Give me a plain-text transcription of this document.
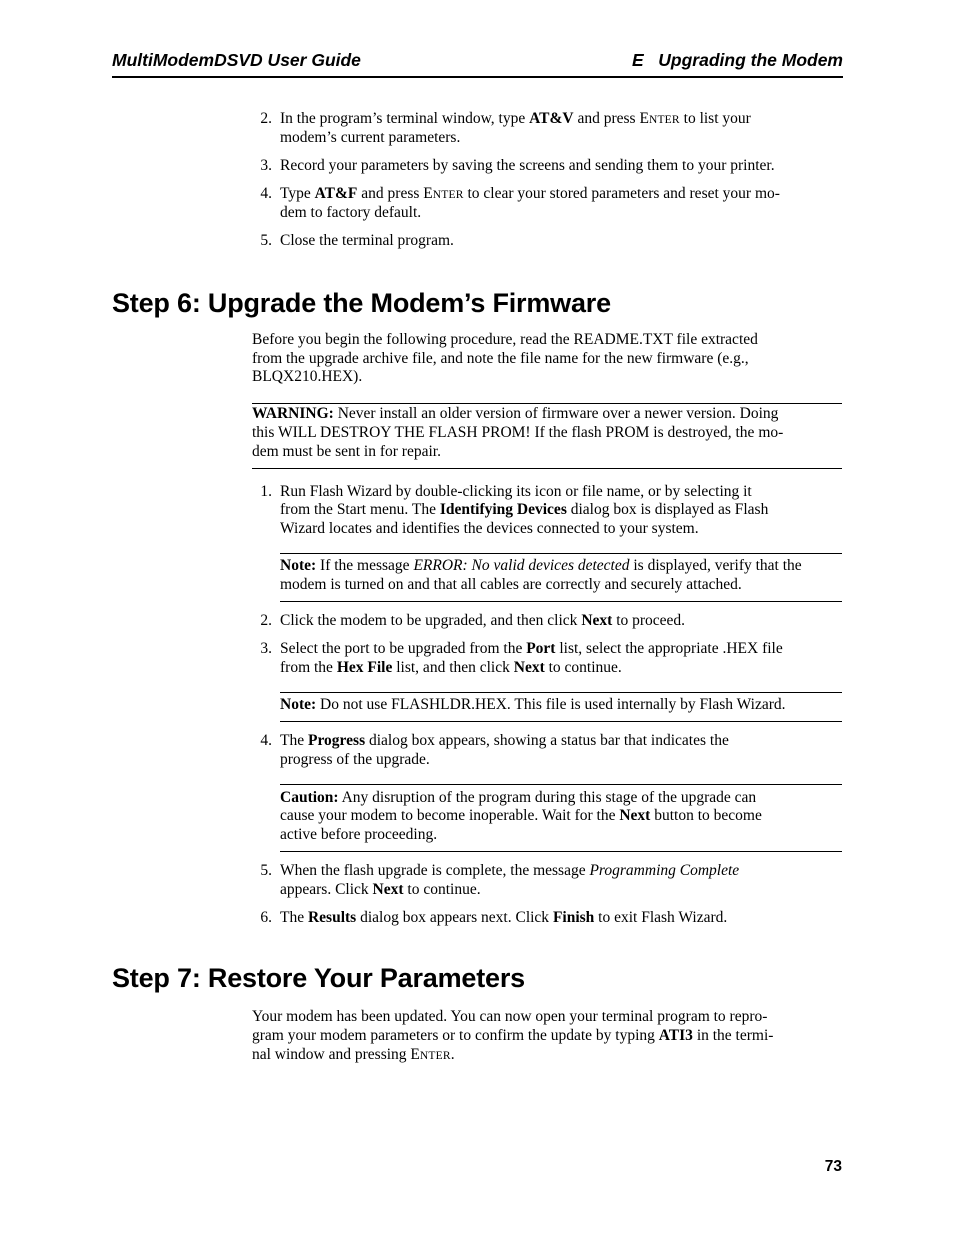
MultiModemDSVD User Guide	E Upgrading the Modem
2. In the program’s terminal window, type AT&V and press ENTER to list your
modem’s current parameters.
3. Record your parameters by saving the screens and sending them to your printer.
4. Type AT&F and press ENTER to clear your stored parameters and reset your mo-
dem to factory default.
5. Close the terminal program.
Step 6: Upgrade the Modem’s Firmware
Before you begin the following procedure, read the README.TXT file extracted
from the upgrade archive file, and note the file name for the new firmware (e.g.,
BLQX210.HEX).
WARNING: Never install an older version of firmware over a newer version. Doing
this WILL DESTROY THE FLASH PROM! If the flash PROM is destroyed, the mo-
dem must be sent in for repair.
1. Run Flash Wizard by double-clicking its icon or file name, or by selecting it
from the Start menu. The Identifying Devices dialog box is displayed as Flash
Wizard locates and identifies the devices connected to your system.
Note: If the message ERROR: No valid devices detected is displayed, verify that the
modem is turned on and that all cables are correctly and securely attached.
2. Click the modem to be upgraded, and then click Next to proceed.
3. Select the port to be upgraded from the Port list, select the appropriate .HEX file
from the Hex File list, and then click Next to continue.
Note: Do not use FLASHLDR.HEX. This file is used internally by Flash Wizard.
4. The Progress dialog box appears, showing a status bar that indicates the
progress of the upgrade.
Caution: Any disruption of the program during this stage of the upgrade can
cause your modem to become inoperable. Wait for the Next button to become
active before proceeding.
5. When the flash upgrade is complete, the message Programming Complete
appears. Click Next to continue.
6. The Results dialog box appears next. Click Finish to exit Flash Wizard.
Step 7: Restore Your Parameters
Your modem has been updated. You can now open your terminal program to repro-
gram your modem parameters or to confirm the update by typing ATI3 in the termi-
nal window and pressing ENTER.
73
